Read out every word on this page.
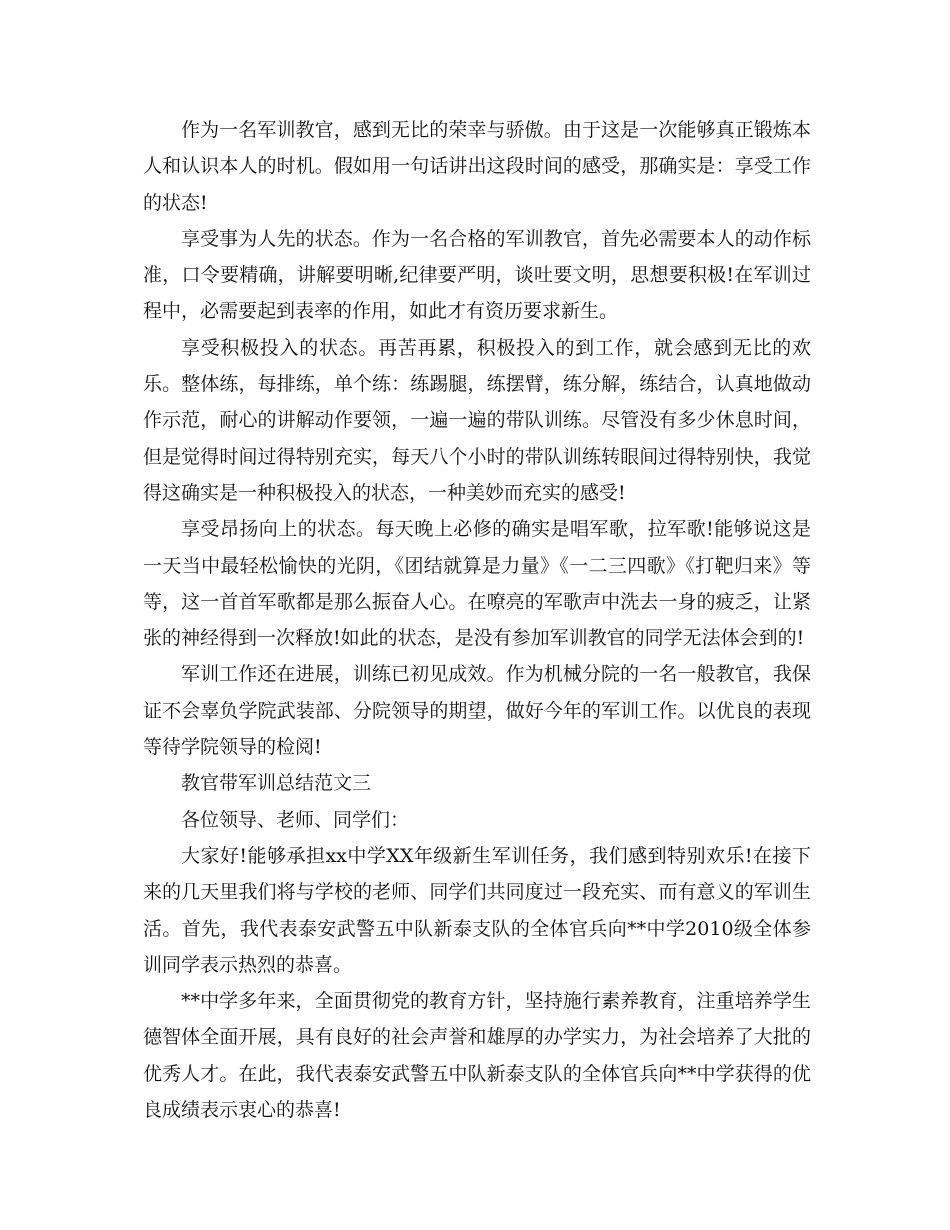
作为一名军训教官，感到无比的荣幸与骄傲。由于这是一次能够真正锻炼本人和认识本人的时机。假如用一句话讲出这段时间的感受，那确实是：享受工作的状态!

享受事为人先的状态。作为一名合格的军训教官，首先必需要本人的动作标准，口令要精确，讲解要明晰,纪律要严明，谈吐要文明，思想要积极!在军训过程中，必需要起到表率的作用，如此才有资历要求新生。

享受积极投入的状态。再苦再累，积极投入的到工作，就会感到无比的欢乐。整体练，每排练，单个练：练踢腿，练摆臂，练分解，练结合，认真地做动作示范，耐心的讲解动作要领，一遍一遍的带队训练。尽管没有多少休息时间，但是觉得时间过得特别充实，每天八个小时的带队训练转眼间过得特别快，我觉得这确实是一种积极投入的状态，一种美妙而充实的感受!

享受昂扬向上的状态。每天晚上必修的确实是唱军歌，拉军歌!能够说这是一天当中最轻松愉快的光阴，《团结就算是力量》《一二三四歌》《打靶归来》等等，这一首首军歌都是那么振奋人心。在嘹亮的军歌声中洗去一身的疲乏，让紧张的神经得到一次释放!如此的状态，是没有参加军训教官的同学无法体会到的!

军训工作还在进展，训练已初见成效。作为机械分院的一名一般教官，我保证不会辜负学院武装部、分院领导的期望，做好今年的军训工作。以优良的表现等待学院领导的检阅!

教官带军训总结范文三

各位领导、老师、同学们：

大家好!能够承担xx中学XX年级新生军训任务，我们感到特别欢乐!在接下来的几天里我们将与学校的老师、同学们共同度过一段充实、而有意义的军训生活。首先，我代表泰安武警五中队新泰支队的全体官兵向**中学2010级全体参训同学表示热烈的恭喜。

**中学多年来，全面贯彻党的教育方针，坚持施行素养教育，注重培养学生德智体全面开展，具有良好的社会声誉和雄厚的办学实力，为社会培养了大批的优秀人才。在此，我代表泰安武警五中队新泰支队的全体官兵向**中学获得的优良成绩表示衷心的恭喜!
